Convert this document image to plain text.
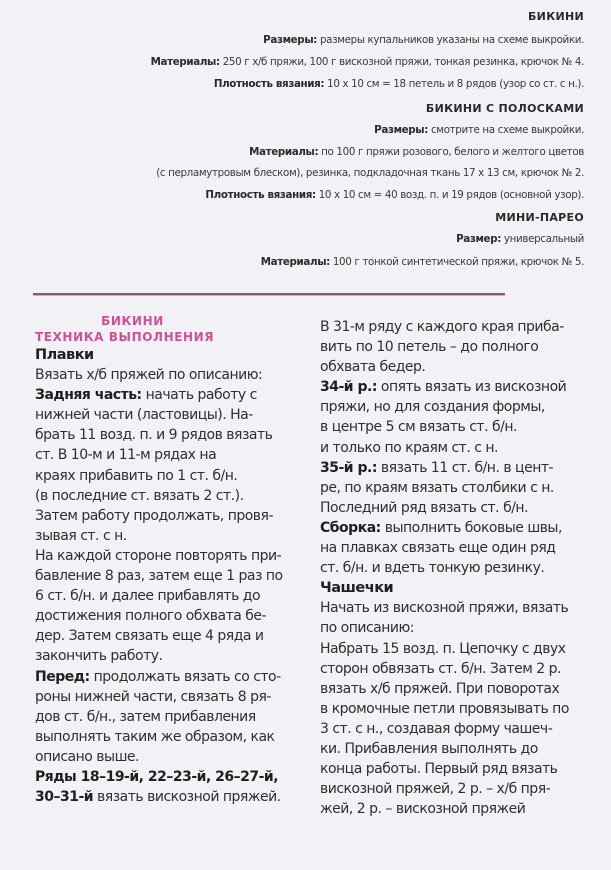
БИКИНИ
Размеры: размеры купальников указаны на схеме выкройки.
Материалы: 250 г х/б пряжи, 100 г вискозной пряжи, тонкая резинка, крючок № 4.
Плотность вязания: 10 х 10 см = 18 петель и 8 рядов (узор со ст. с н.).
БИКИНИ С ПОЛОСКАМИ
Размеры: смотрите на схеме выкройки.
Материалы: по 100 г пряжи розового, белого и желтого цветов
(с перламутровым блеском), резинка, подкладочная ткань 17 х 13 см, крючок № 2.
Плотность вязания: 10 х 10 см = 40 возд. п. и 19 рядов (основной узор).
МИНИ-ПАРЕО
Размер: универсальный
Материалы: 100 г тонкой синтетической пряжи, крючок № 5.
БИКИНИ
ТЕХНИКА ВЫПОЛНЕНИЯ
Плавки
Вязать х/б пряжей по описанию:
Задняя часть: начать работу с
нижней части (ластовицы). На-
брать 11 возд. п. и 9 рядов вязать
ст. В 10-м и 11-м рядах на
краях прибавить по 1 ст. б/н.
(в последние ст. вязать 2 ст.).
Затем работу продолжать, провя-
зывая ст. с н.
На каждой стороне повторять при-
бавление 8 раз, затем еще 1 раз по
6 ст. б/н. и далее прибавлять до
достижения полного обхвата бе-
дер. Затем связать еще 4 ряда и
закончить работу.
Перед: продолжать вязать со сто-
роны нижней части, связать 8 ря-
дов ст. б/н., затем прибавления
выполнять таким же образом, как
описано выше.
Ряды 18–19-й, 22–23-й, 26–27-й,
30–31-й вязать вискозной пряжей.
В 31-м ряду с каждого края приба-
вить по 10 петель – до полного
обхвата бедер.
34-й р.: опять вязать из вискозной
пряжи, но для создания формы,
в центре 5 см вязать ст. б/н.
и только по краям ст. с н.
35-й р.: вязать 11 ст. б/н. в цент-
ре, по краям вязать столбики с н.
Последний ряд вязать ст. б/н.
Сборка: выполнить боковые швы,
на плавках связать еще один ряд
ст. б/н. и вдеть тонкую резинку.
Чашечки
Начать из вискозной пряжи, вязать
по описанию:
Набрать 15 возд. п. Цепочку с двух
сторон обвязать ст. б/н. Затем 2 р.
вязать х/б пряжей. При поворотах
в кромочные петли провязывать по
3 ст. с н., создавая форму чашеч-
ки. Прибавления выполнять до
конца работы. Первый ряд вязать
вискозной пряжей, 2 р. – х/б пря-
жей, 2 р. – вискозной пряжей
